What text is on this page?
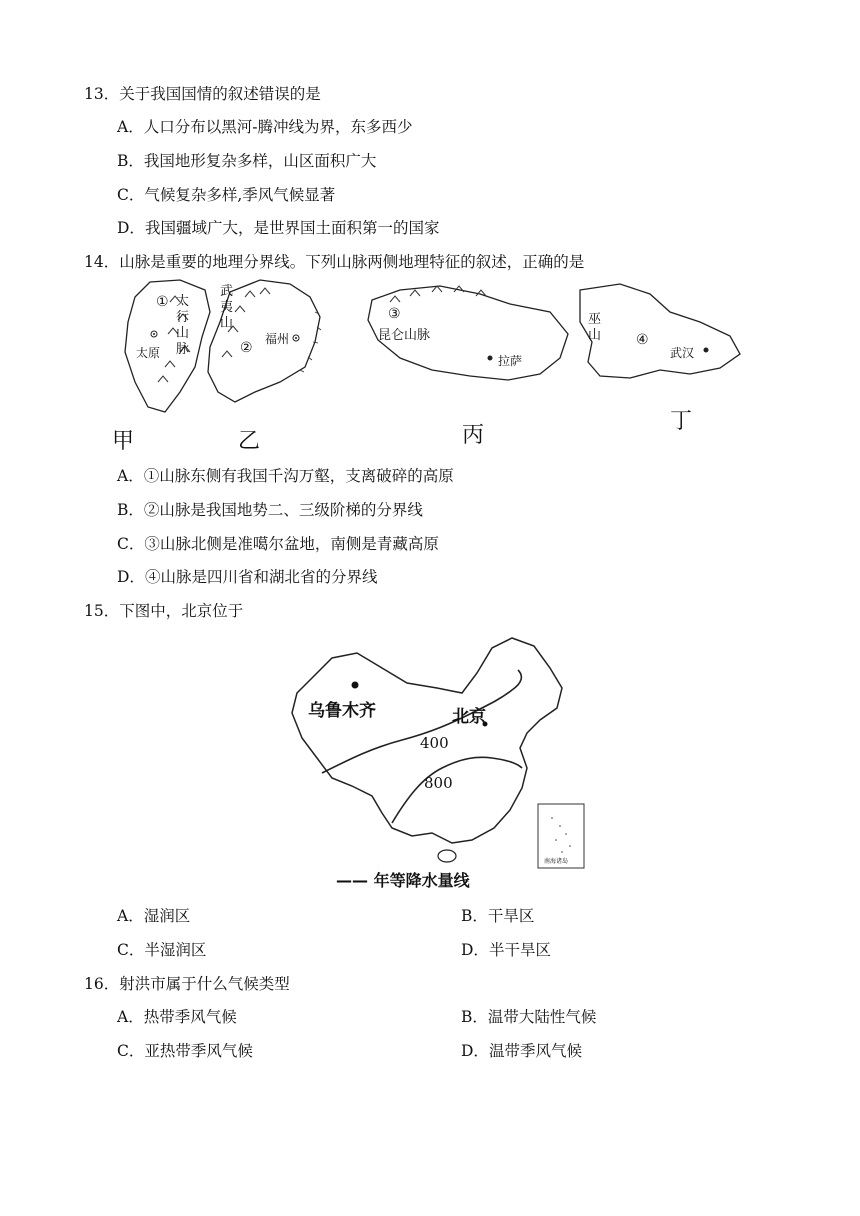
13．关于我国国情的叙述错误的是
A．人口分布以黑河-腾冲线为界，东多西少
B．我国地形复杂多样，山区面积广大
C．气候复杂多样,季风气候显著
D．我国疆域广大，是世界国土面积第一的国家
14．山脉是重要的地理分界线。下列山脉两侧地理特征的叙述，正确的是
① 太行山脉
太原	②
武夷山
福州
③
昆仑山脉
拉萨
④
巫山
武汉
甲	乙	丙
丁
A．①山脉东侧有我国千沟万壑，支离破碎的高原
B．②山脉是我国地势二、三级阶梯的分界线
C．③山脉北侧是准噶尔盆地，南侧是青藏高原
D．④山脉是四川省和湖北省的分界线
15．下图中，北京位于
乌鲁木齐	北京
400
800
南海诸岛
—— 年等降水量线
A．湿润区	B．干旱区
C．半湿润区	D．半干旱区
16．射洪市属于什么气候类型
A．热带季风气候	B．温带大陆性气候
C．亚热带季风气候	D．温带季风气候
